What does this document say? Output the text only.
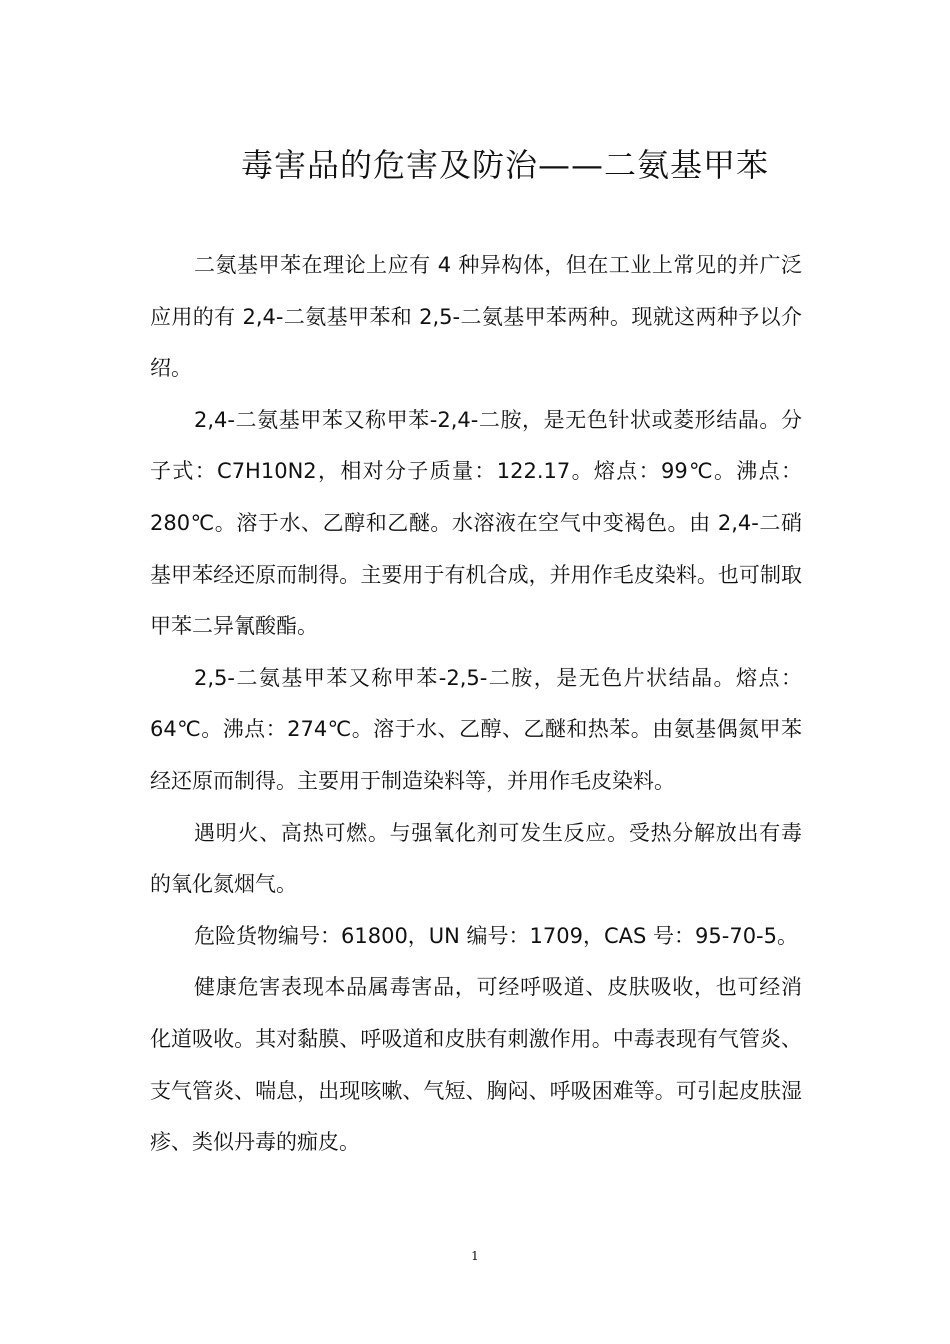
毒害品的危害及防治——二氨基甲苯

二氨基甲苯在理论上应有 4 种异构体，但在工业上常见的并广泛应用的有 2,4-二氨基甲苯和 2,5-二氨基甲苯两种。现就这两种予以介绍。

2,4-二氨基甲苯又称甲苯-2,4-二胺，是无色针状或菱形结晶。分子式：C7H10N2，相对分子质量：122.17。熔点：99℃。沸点：280℃。溶于水、乙醇和乙醚。水溶液在空气中变褐色。由 2,4-二硝基甲苯经还原而制得。主要用于有机合成，并用作毛皮染料。也可制取甲苯二异氰酸酯。

2,5-二氨基甲苯又称甲苯-2,5-二胺，是无色片状结晶。熔点：64℃。沸点：274℃。溶于水、乙醇、乙醚和热苯。由氨基偶氮甲苯经还原而制得。主要用于制造染料等，并用作毛皮染料。

遇明火、高热可燃。与强氧化剂可发生反应。受热分解放出有毒的氧化氮烟气。

危险货物编号：61800，UN 编号：1709，CAS 号：95-70-5。

健康危害表现本品属毒害品，可经呼吸道、皮肤吸收，也可经消化道吸收。其对黏膜、呼吸道和皮肤有刺激作用。中毒表现有气管炎、支气管炎、喘息，出现咳嗽、气短、胸闷、呼吸困难等。可引起皮肤湿疹、类似丹毒的痂皮。

1
